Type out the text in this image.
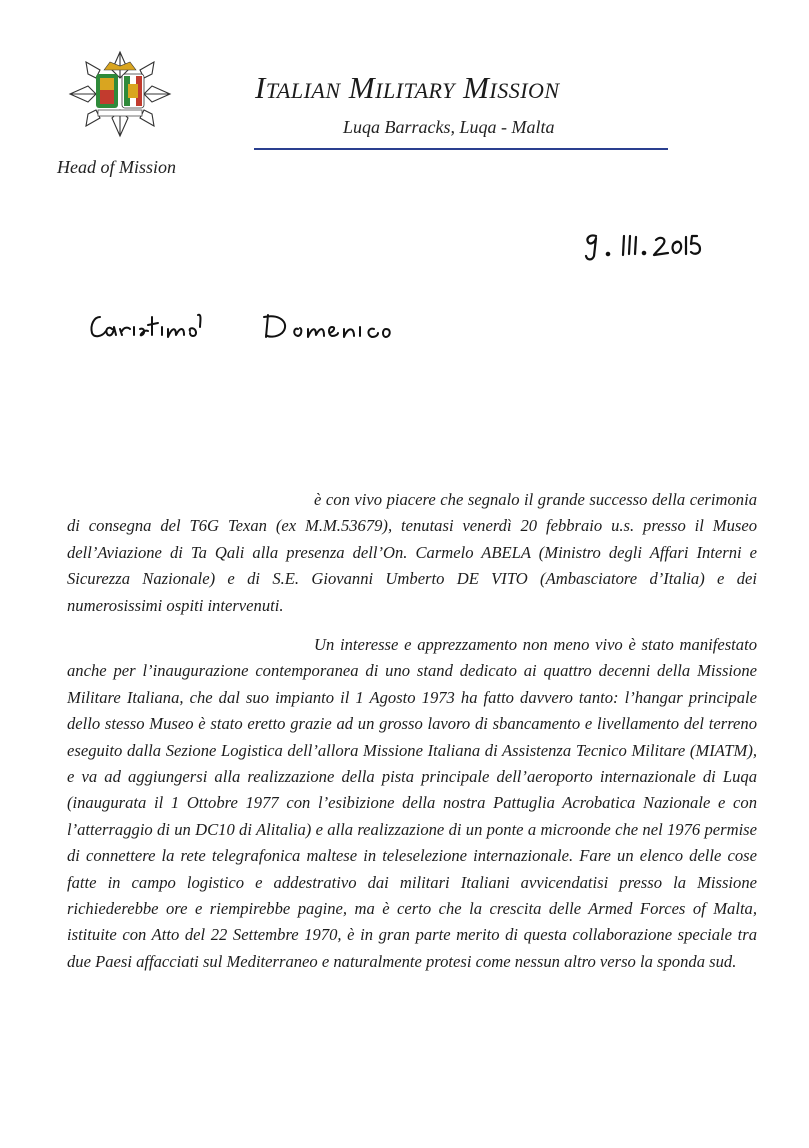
Head of Mission
Italian Military Mission
Luqa Barracks, Luqa - Malta
è con vivo piacere che segnalo il grande successo della cerimonia di consegna del T6G Texan (ex M.M.53679), tenutasi venerdì 20 febbraio u.s. presso il Museo dell’Aviazione di Ta Qali alla presenza dell’On. Carmelo ABELA (Ministro degli Affari Interni e Sicurezza Nazionale) e di S.E. Giovanni Umberto DE VITO (Ambasciatore d’Italia) e dei numerosissimi ospiti intervenuti.
Un interesse e apprezzamento non meno vivo è stato manifestato anche per l’inaugurazione contemporanea di uno stand dedicato ai quattro decenni della Missione Militare Italiana, che dal suo impianto il 1 Agosto 1973 ha fatto davvero tanto: l’hangar principale dello stesso Museo è stato eretto grazie ad un grosso lavoro di sbancamento e livellamento del terreno eseguito dalla Sezione Logistica dell’allora Missione Italiana di Assistenza Tecnico Militare (MIATM), e va ad aggiungersi alla realizzazione della pista principale dell’aeroporto internazionale di Luqa (inaugurata il 1 Ottobre 1977 con l’esibizione della nostra Pattuglia Acrobatica Nazionale e con l’atterraggio di un DC10 di Alitalia) e alla realizzazione di un ponte a microonde che nel 1976 permise di connettere la rete telegrafonica maltese in teleselezione internazionale. Fare un elenco delle cose fatte in campo logistico e addestrativo dai militari Italiani avvicendatisi presso la Missione richiederebbe ore e riempirebbe pagine, ma è certo che la crescita delle Armed Forces of Malta, istituite con Atto del 22 Settembre 1970, è in gran parte merito di questa collaborazione speciale tra due Paesi affacciati sul Mediterraneo e naturalmente protesi come nessun altro verso la sponda sud.
